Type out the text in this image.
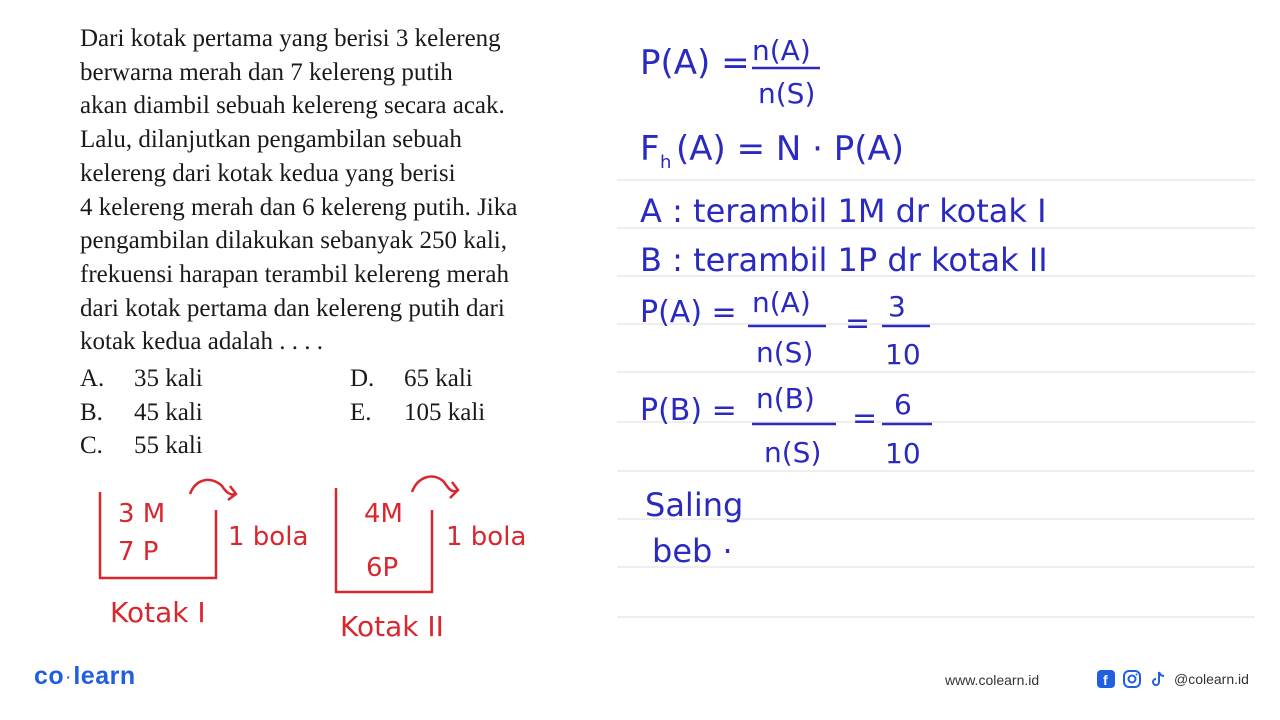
Dari kotak pertama yang berisi 3 kelereng

berwarna merah dan 7 kelereng putih

akan diambil sebuah kelereng secara acak.

Lalu, dilanjutkan pengambilan sebuah

kelereng dari kotak kedua yang berisi

4 kelereng merah dan 6 kelereng putih. Jika

pengambilan dilakukan sebanyak 250 kali,

frekuensi harapan terambil kelereng merah

dari kotak pertama dan kelereng putih dari

kotak kedua adalah . . . .

A. 35 kali
B. 45 kali
C. 55 kali
D. 65 kali
E. 105 kali
P(A) = n(A)
n(S)
F h (A) = N · P(A)
A : terambil 1M dr kotak I
B : terambil 1P dr kotak II
P(A) = n(A)
n(S)
= 3
10
P(B) = n(B)
n(S)
= 6
10
Saling
beb ·
3 M
7 P	1 bola
Kotak I
4M
6P
1 bola
Kotak II
co ·learn	www.colearn.id	f	@colearn.id
